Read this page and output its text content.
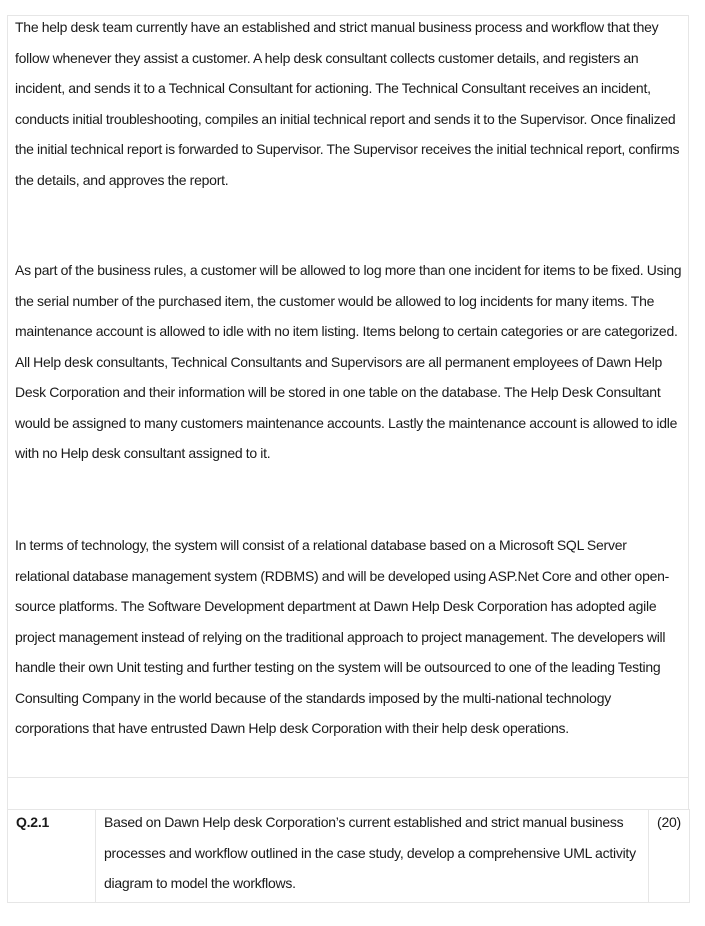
The help desk team currently have an established and strict manual business process and workflow that they follow whenever they assist a customer. A help desk consultant collects customer details, and registers an incident, and sends it to a Technical Consultant for actioning. The Technical Consultant receives an incident, conducts initial troubleshooting, compiles an initial technical report and sends it to the Supervisor. Once finalized the initial technical report is forwarded to Supervisor. The Supervisor receives the initial technical report, confirms the details, and approves the report.

As part of the business rules, a customer will be allowed to log more than one incident for items to be fixed. Using the serial number of the purchased item, the customer would be allowed to log incidents for many items. The maintenance account is allowed to idle with no item listing. Items belong to certain categories or are categorized. All Help desk consultants, Technical Consultants and Supervisors are all permanent employees of Dawn Help Desk Corporation and their information will be stored in one table on the database. The Help Desk Consultant would be assigned to many customers maintenance accounts. Lastly the maintenance account is allowed to idle with no Help desk consultant assigned to it.

In terms of technology, the system will consist of a relational database based on a Microsoft SQL Server relational database management system (RDBMS) and will be developed using ASP.Net Core and other open-source platforms. The Software Development department at Dawn Help Desk Corporation has adopted agile project management instead of relying on the traditional approach to project management. The developers will handle their own Unit testing and further testing on the system will be outsourced to one of the leading Testing Consulting Company in the world because of the standards imposed by the multi-national technology corporations that have entrusted Dawn Help desk Corporation with their help desk operations.

Q.2.1	Based on Dawn Help desk Corporation’s current established and strict manual business processes and workflow outlined in the case study, develop a comprehensive UML activity diagram to model the workflows.

(20)
